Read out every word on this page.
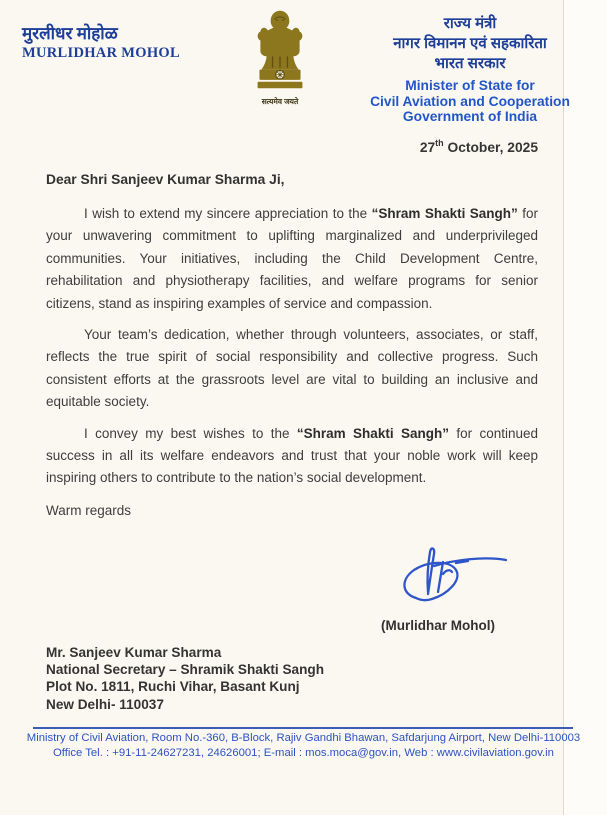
मुरलीधर मोहोळ
MURLIDHAR MOHOL
सत्यमेव जयते
राज्य मंत्री
नागर विमानन एवं सहकारिता
भारत सरकार
Minister of State for
Civil Aviation and Cooperation
Government of India
27th October, 2025
Dear Shri Sanjeev Kumar Sharma Ji,

I wish to extend my sincere appreciation to the “Shram Shakti Sangh” for your unwavering commitment to uplifting marginalized and underprivileged communities. Your initiatives, including the Child Development Centre, rehabilitation and physiotherapy facilities, and welfare programs for senior citizens, stand as inspiring examples of service and compassion.

Your team’s dedication, whether through volunteers, associates, or staff, reflects the true spirit of social responsibility and collective progress. Such consistent efforts at the grassroots level are vital to building an inclusive and equitable society.

I convey my best wishes to the “Shram Shakti Sangh” for continued success in all its welfare endeavors and trust that your noble work will keep inspiring others to contribute to the nation’s social development.

Warm regards
(Murlidhar Mohol)
Mr. Sanjeev Kumar Sharma
National Secretary – Shramik Shakti Sangh
Plot No. 1811, Ruchi Vihar, Basant Kunj
New Delhi- 110037
Ministry of Civil Aviation, Room No.-360, B-Block, Rajiv Gandhi Bhawan, Safdarjung Airport, New Delhi-110003
Office Tel. : +91-11-24627231, 24626001; E-mail : mos.moca@gov.in, Web : www.civilaviation.gov.in
